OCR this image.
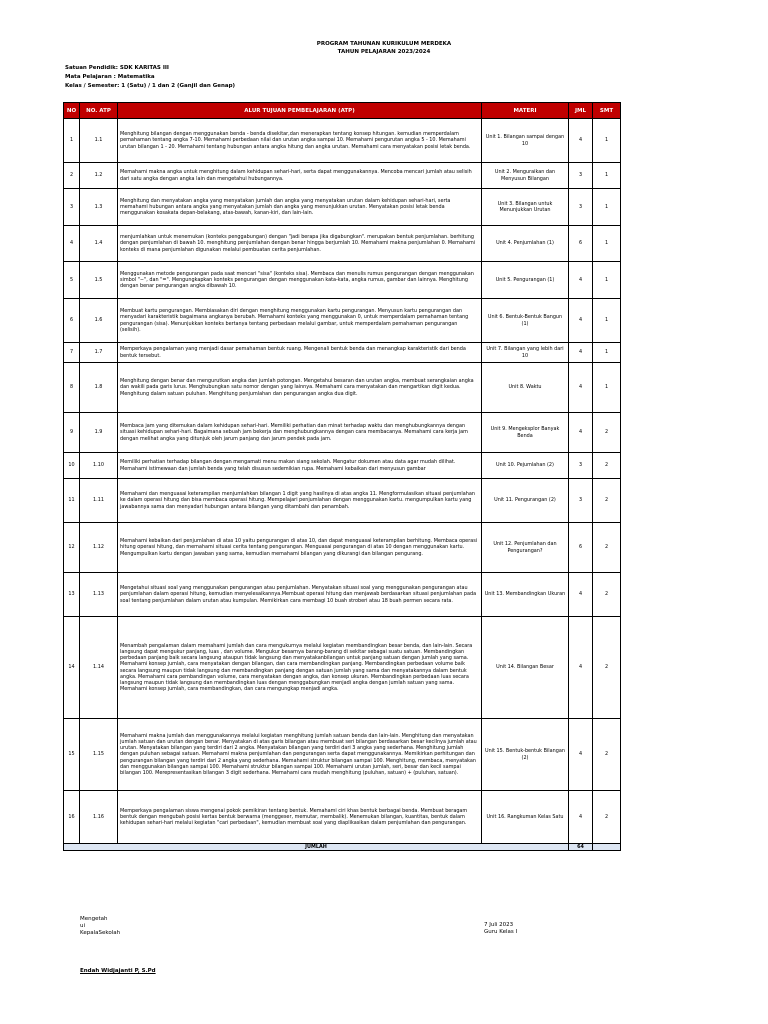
PROGRAM TAHUNAN KURIKULUM MERDEKA
TAHUN PELAJARAN 2023/2024
Satuan Pendidik: SDK KARITAS III
Mata Pelajaran : Matematika
Kelas / Semester: 1 (Satu) / 1 dan 2 (Ganjil dan Genap)
NO	NO. ATP	ALUR TUJUAN PEMBELAJARAN (ATP)	MATERI	JML	SMT
1	1.1	Menghitung bilangan dengan menggunakan benda - benda disekitar,dan menerapkan tentang konsep hitungan. kemudian memperdalam pemahaman tentang angka 7-10. Memahami perbedaan nilai dan urutan angka sampai 10. Memahami pengurutan angka 5 - 10. Memahami urutan bilangan 1 - 20. Memahami tentang hubungan antara angka hitung dan angka urutan. Memahami cara menyatakan posisi letak benda.	Unit 1. Bilangan sampai dengan 10	4	1
2	1.2	Memahami makna angka untuk menghitung dalam kehidupan sehari-hari, serta dapat menggunakannya. Mencoba mencari jumlah atau selisih dari satu angka dengan angka lain dan mengetahui hubungannya.	Unit 2. Menguraikan dan Menyusun Bilangan	3	1
3	1.3	Menghitung dan menyatakan angka yang menyatakan jumlah dan angka yang menyatakan urutan dalam kehidupan sehari-hari, serta memahami hubungan antara angka yang menyatakan jumlah dan angka yang menunjukkan urutan. Menyatakan posisi letak benda menggunakan kosakata depan-belakang, atas-bawah, kanan-kiri, dan lain-lain.	Unit 3. Bilangan untuk Menunjukkan Urutan	3	1
4	1.4	menjumlahkan untuk menemukan (konteks penggabungan) dengan "jadi berapa jika digabungkan". merupakan bentuk penjumlahan. berhitung dengan penjumlahan di bawah 10. menghitung penjumlahan dengan benar hingga berjumlah 10. Memahami makna penjumlahan 0. Memahami konteks di mana penjumlahan digunakan melalui pembuatan cerita penjumlahan.	Unit 4. Penjumlahan (1)	6	1
5	1.5	Menggunakan metode pengurangan pada saat mencari "sisa" (konteks sisa). Membaca dan menulis rumus pengurangan dengan menggunakan simbol "−", dan "=". Mengungkapkan konteks pengurangan dengan menggunakan kata-kata, angka rumus, gambar dan lainnya. Menghitung dengan benar pengurangan angka dibawah 10.	Unit 5. Pengurangan (1)	4	1
6	1.6	Membuat kartu pengurangan. Membiasakan diri dengan menghitung menggunakan kartu pengurangan. Menyusun kartu pengurangan dan menyadari karakteristik bagaimana angkanya berubah. Memahami konteks yang menggunakan 0, untuk memperdalam pemahaman tentang pengurangan (sisa). Menunjukkan konteks bertanya tentang perbedaan melalui gambar, untuk memperdalam pemahaman pengurangan (selisih).	Unit 6. Bentuk-Bentuk Bangun (1)	4	1
7	1.7	Memperkaya pengalaman yang menjadi dasar pemahaman bentuk ruang. Mengenali bentuk benda dan menangkap karakteristik dari benda bentuk tersebut.	Unit 7. Bilangan yang lebih dari 10	4	1
8	1.8	Menghitung dengan benar dan mengurutkan angka dan jumlah potongan. Mengetahui besaran dan urutan angka, membuat serangkaian angka dan wakili pada garis lurus. Menghubungkan satu nomor dengan yang lainnya. Memahami cara menyatakan dan mengartikan digit kedua. Menghitung dalam satuan puluhan. Menghitung penjumlahan dan pengurangan angka dua digit.	Unit 8. Waktu	4	1
9	1.9	Membaca jam yang ditemukan dalam kehidupan sehari-hari. Memiliki perhatian dan minat terhadap waktu dan menghubungkannya dengan situasi kehidupan sehari-hari. Bagaimana sebuah jam bekerja dan menghubungkannya dengan cara membacanya. Memahami cara kerja jam dengan melihat angka yang ditunjuk oleh jarum panjang dan jarum pendek pada jam.	Unit 9. Mengeksplor Banyak Benda	4	2
10	1.10	Memiliki perhatian terhadap bilangan dengan mengamati menu makan siang sekolah. Mengatur dokumen atau data agar mudah dilihat. Memahami istimewaan dan jumlah benda yang telah disusun sedemikian rupa. Memahami kebaikan dari menyusun gambar	Unit 10. Pejumlahan (2)	3	2
11	1.11	Memahami dan menguasai keterampilan menjumlahkan bilangan 1 digit yang hasilnya di atas angka 11. Mengformulasikan situasi penjumlahan ke dalam operasi hitung dan bisa membaca operasi hitung. Mempelajari penjumlahan dengan menggunakan kartu. mengumpulkan kartu yang jawabannya sama dan menyadari hubungan antara bilangan yang ditambahi dan penambah.	Unit 11. Pengurangan (2)	3	2
12	1.12	Memahami kebaikan dari penjumlahan di atas 10 yaitu pengurangan di atas 10, dan dapat menguasai keterampilan berhitung. Membaca operasi hitung operasi hitung, dan memahami situasi cerita tentang pengurangan. Menguasai pengurangan di atas 10 dengan menggunakan kartu. Mengumpulkan kartu dengan jawaban yang sama, kemudian memahami bilangan yang dikurangi dan bilangan pengurang.	Unit 12. Penjumlahan dan Pengurangan?	6	2
13	1.13	Mengetahui situasi soal yang menggunakan pengurangan atau penjumlahan. Menyatakan situasi soal yang menggunakan pengurangan atau penjumlahan dalam operasi hitung, kemudian menyelesaikannya.Membuat operasi hitung dan menjawab berdasarkan situasi penjumlahan pada soal tentang penjumlahan dalam urutan atau kumpulan. Memikirkan cara membagi 10 buah stroberi atau 18 buah permen secara rata.	Unit 13. Membandingkan Ukuran	4	2
14	1.14	Menambah pengalaman dalam memahami jumlah dan cara mengukurnya melalui kegiatan membandingkan besar benda, dan lain-lain. Secara langsung dapat mengukur panjang, luas , dan volume. Mengukur besarnya barang-barang di sekitar sebagai suatu satuan. Membandingkan perbedaan panjang baik secara langsung ataupun tidak langsung dan menyatakanbilangan untuk panjang satuan dengan jumlah yang sama. Memahami konsep jumlah, cara menyatakan dengan bilangan, dan cara membandingkan panjang. Membandingkan perbedaan volume baik secara langsung maupun tidak langsung dan membandingkan panjang dengan satuan jumlah yang sama dan menyatakannya dalam bentuk angka. Memahami cara pembandingan volume, cara menyatakan dengan angka, dan konsep ukuran. Membandingkan perbedaan luas secara langsung maupun tidak langsung dan membandingkan luas dengan menggabungkan menjadi angka dengan jumlah satuan yang sama. Memahami konsep jumlah, cara membandingkan, dan cara mengungkap menjadi angka.	Unit 14. Bilangan Besar	4	2
15	1.15	Memahami makna jumlah dan menggunakannya melalui kegiatan menghitung jumlah satuan benda dan lain-lain. Menghitung dan menyatakan jumlah satuan dan urutan dengan benar. Menyatakan di atas garis bilangan atau membuat seri bilangan berdasarkan besar kecilnya jumlah atau urutan. Menyatakan bilangan yang terdiri dari 2 angka. Menyatakan bilangan yang terdiri dari 3 angka yang sederhana. Menghitung jumlah dengan puluhan sebagai satuan. Memahami makna penjumlahan dan pengurangan serta dapat menggunakannya. Memikirkan perhitungan dan pengurangan bilangan yang terdiri dari 2 angka yang sederhana. Memahami struktur bilangan sampai 100. Menghitung, membaca, menyatakan dan menggunakan bilangan sampai 100. Memahami struktur bilangan sampai 100. Memahami urutan jumlah, seri, besar dan kecil sampai bilangan 100. Merepresentasikan bilangan 3 digit sederhana. Memahami cara mudah menghitung (puluhan, satuan) + (puluhan, satuan).	Unit 15. Bentuk-bentuk Bilangan (2)	4	2
16	1.16	Memperkaya pengalaman siswa mengenai pokok pemikiran tentang bentuk. Memahami ciri khas bentuk berbagai benda. Membuat beragam bentuk dengan mengubah posisi kertas bentuk berwarna (menggeser, memutar, membalik). Menemukan bilangan, kuantitas, bentuk dalam kehidupan sehari-hari melalui kegiatan "cari perbedaan", kemudian membuat soal yang diaplikasikan dalam penjumlahan dan pengurangan.	Unit 16. Rangkuman Kelas Satu	4	2
JUMLAH				64	
Mengetah
ui
KepalaSekolah
7 Juli 2023
Guru Kelas I
Endah Widjajanti P, S.Pd
